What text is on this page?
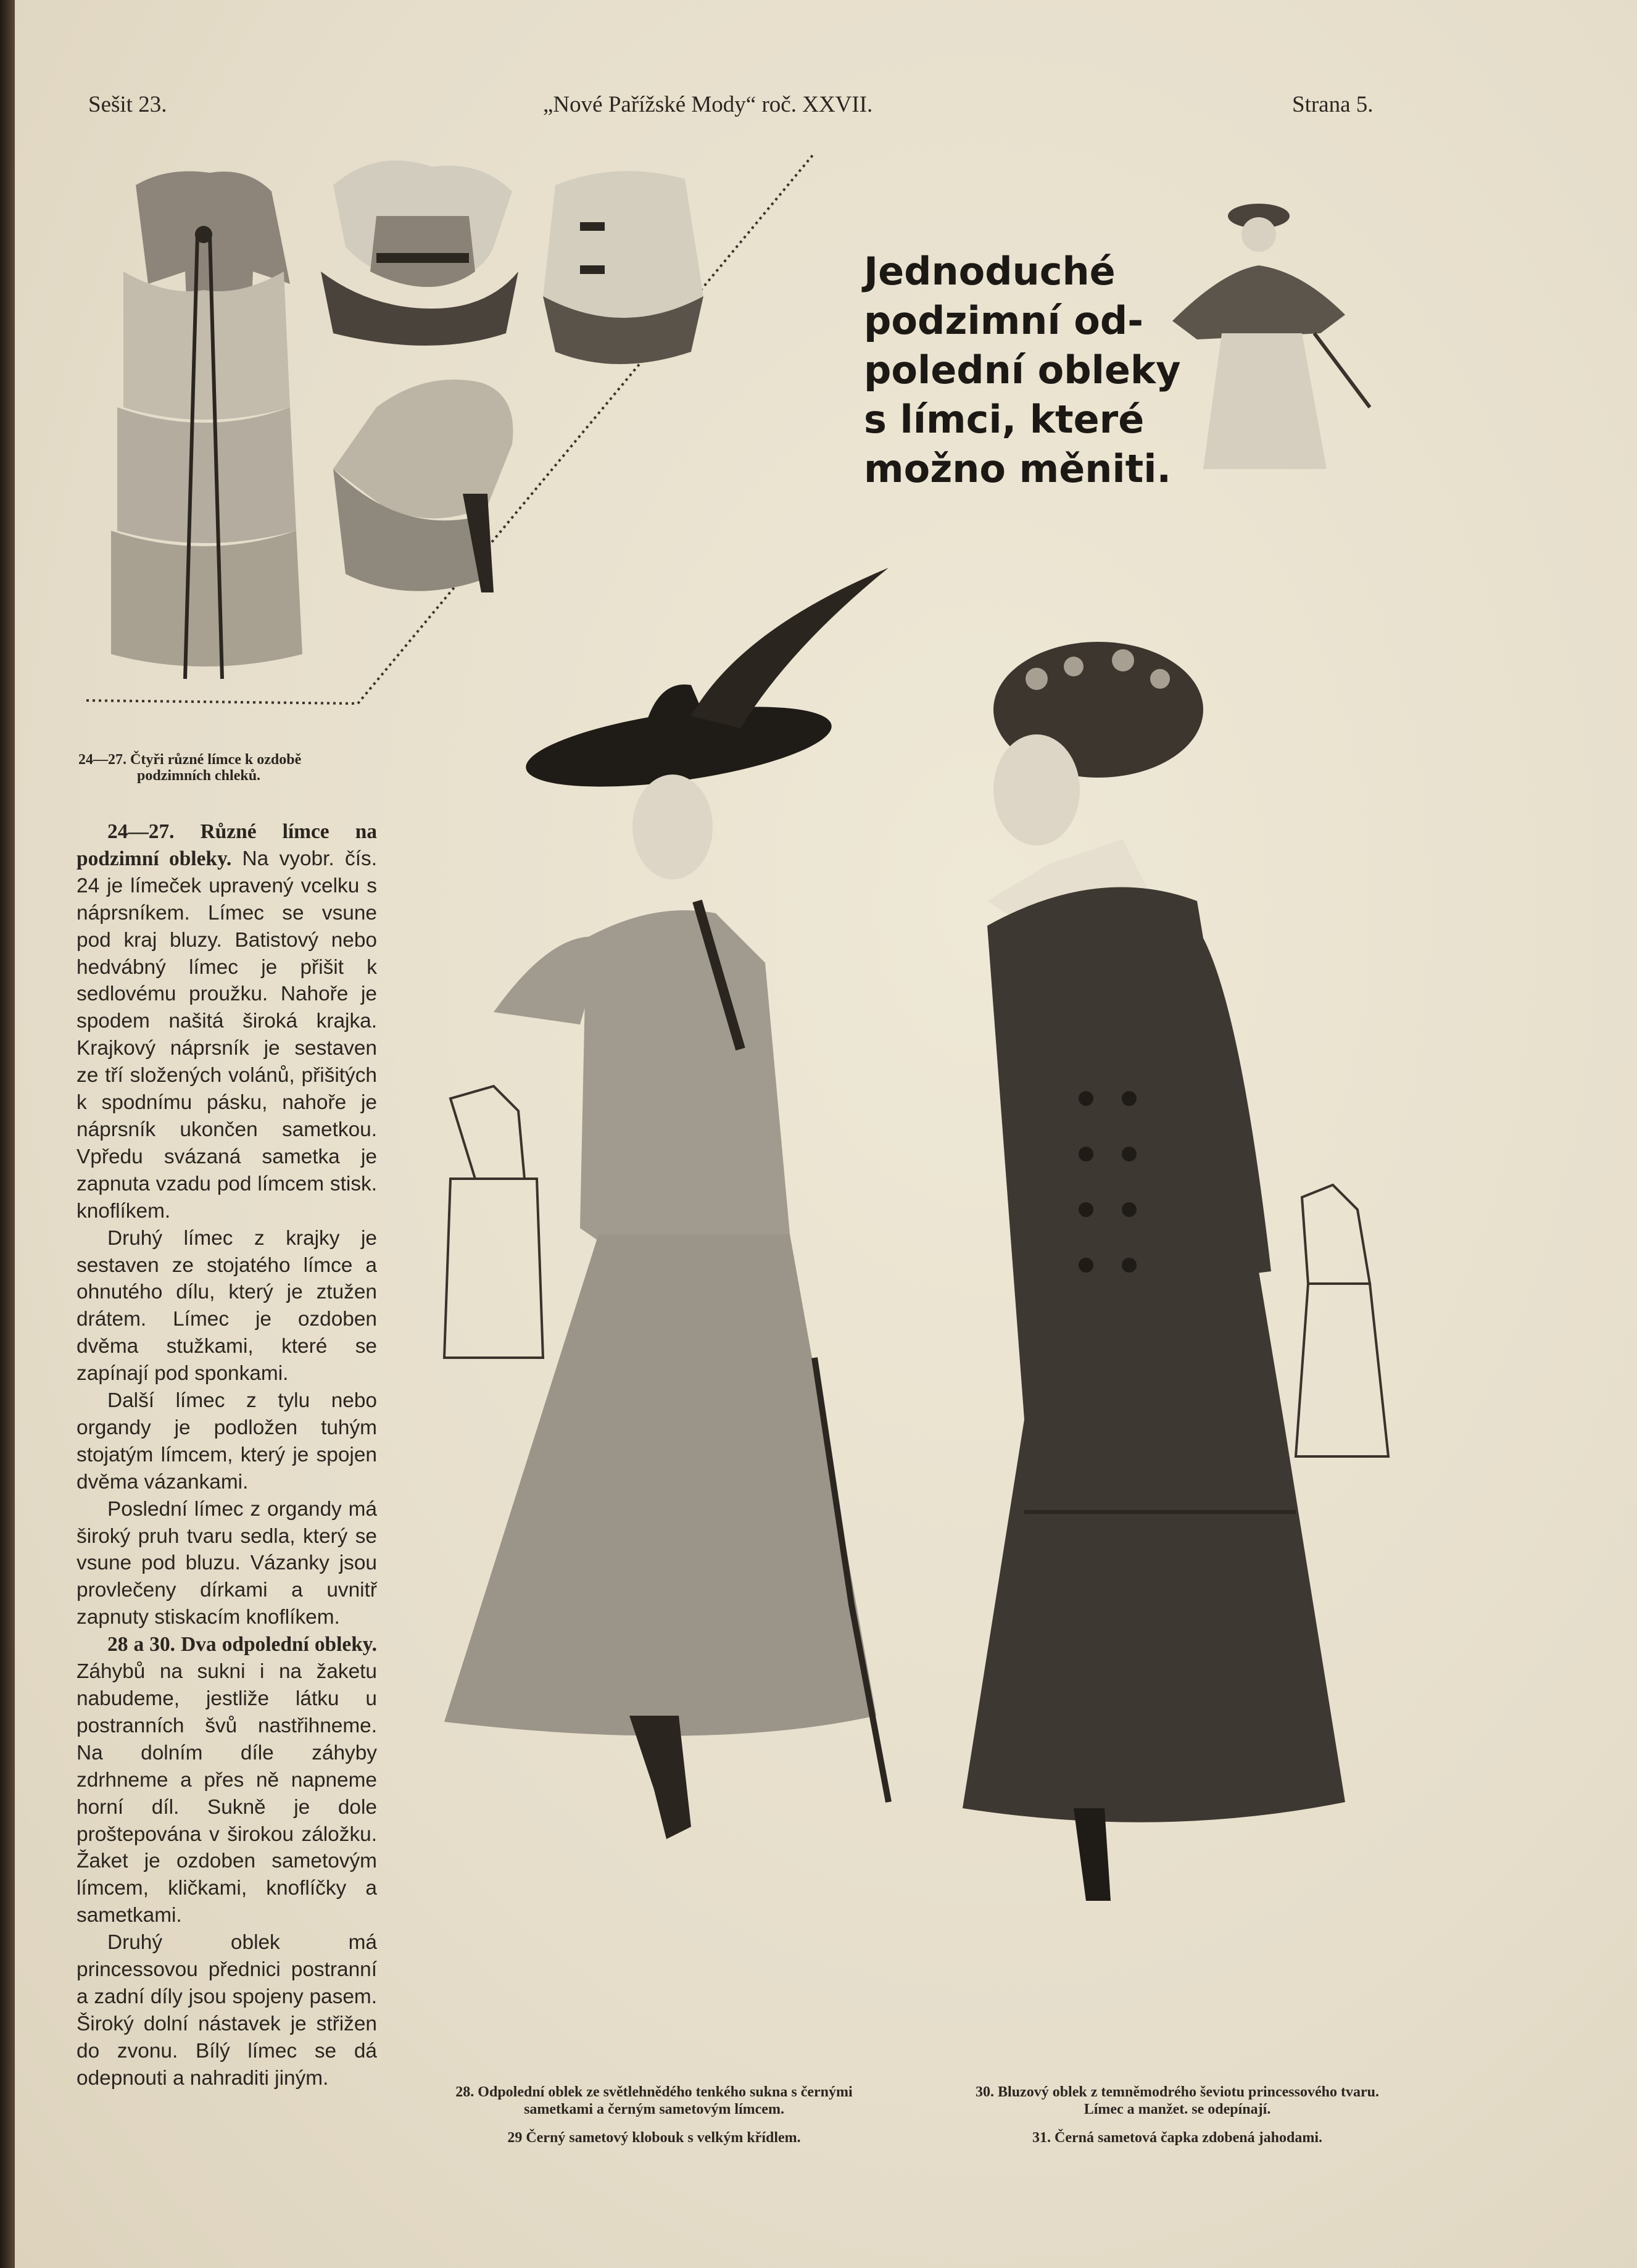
Sešit 23.	„Nové Pařížské Mody“ roč. XXVII.	Strana 5.
Jednoduché
podzimní od-
polední obleky
s límci, které
možno měniti.
24—27. Čtyři různé límce k ozdobě
podzimních chleků.

24—27. Různé límce na podzimní obleky. Na vyobr. čís. 24 je límeček upravený vcelku s náprsníkem. Límec se vsune pod kraj bluzy. Batistový nebo hedvábný límec je přišit k sedlovému proužku. Nahoře je spodem našitá široká krajka. Krajkový náprsník je sestaven ze tří složených volánů, přišitých k spodnímu pásku, nahoře je náprsník ukončen sametkou. Vpředu svázaná sametka je zapnuta vzadu pod límcem stisk. knoflíkem.

Druhý límec z krajky je sestaven ze stojatého límce a ohnutého dílu, který je ztužen drátem. Límec je ozdoben dvěma stužkami, které se zapínají pod sponkami.

Další límec z tylu nebo organdy je podložen tuhým stojatým límcem, který je spojen dvěma vázankami.

Poslední límec z organdy má široký pruh tvaru sedla, který se vsune pod bluzu. Vázanky jsou provlečeny dírkami a uvnitř zapnuty stiskacím knoflíkem.

28 a 30. Dva odpolední obleky. Záhybů na sukni i na žaketu nabudeme, jestliže látku u postranních švů nastřihneme. Na dolním díle záhyby zdrhneme a přes ně napneme horní díl. Sukně je dole proštepována v širokou záložku. Žaket je ozdoben sametovým límcem, kličkami, knoflíčky a sametkami.

Druhý oblek má princessovou přednici postranní a zadní díly jsou spojeny pasem. Široký dolní nástavek je střižen do zvonu. Bílý límec se dá odepnouti a nahraditi jiným.

28. Odpolední oblek ze světlehnědého tenkého sukna s černými sametkami a černým sametovým límcem.
29 Černý sametový klobouk s velkým křídlem.
30. Bluzový oblek z temněmodrého ševiotu princessového tvaru. Límec a manžet. se odepínají.
31. Černá sametová čapka zdobená jahodami.
